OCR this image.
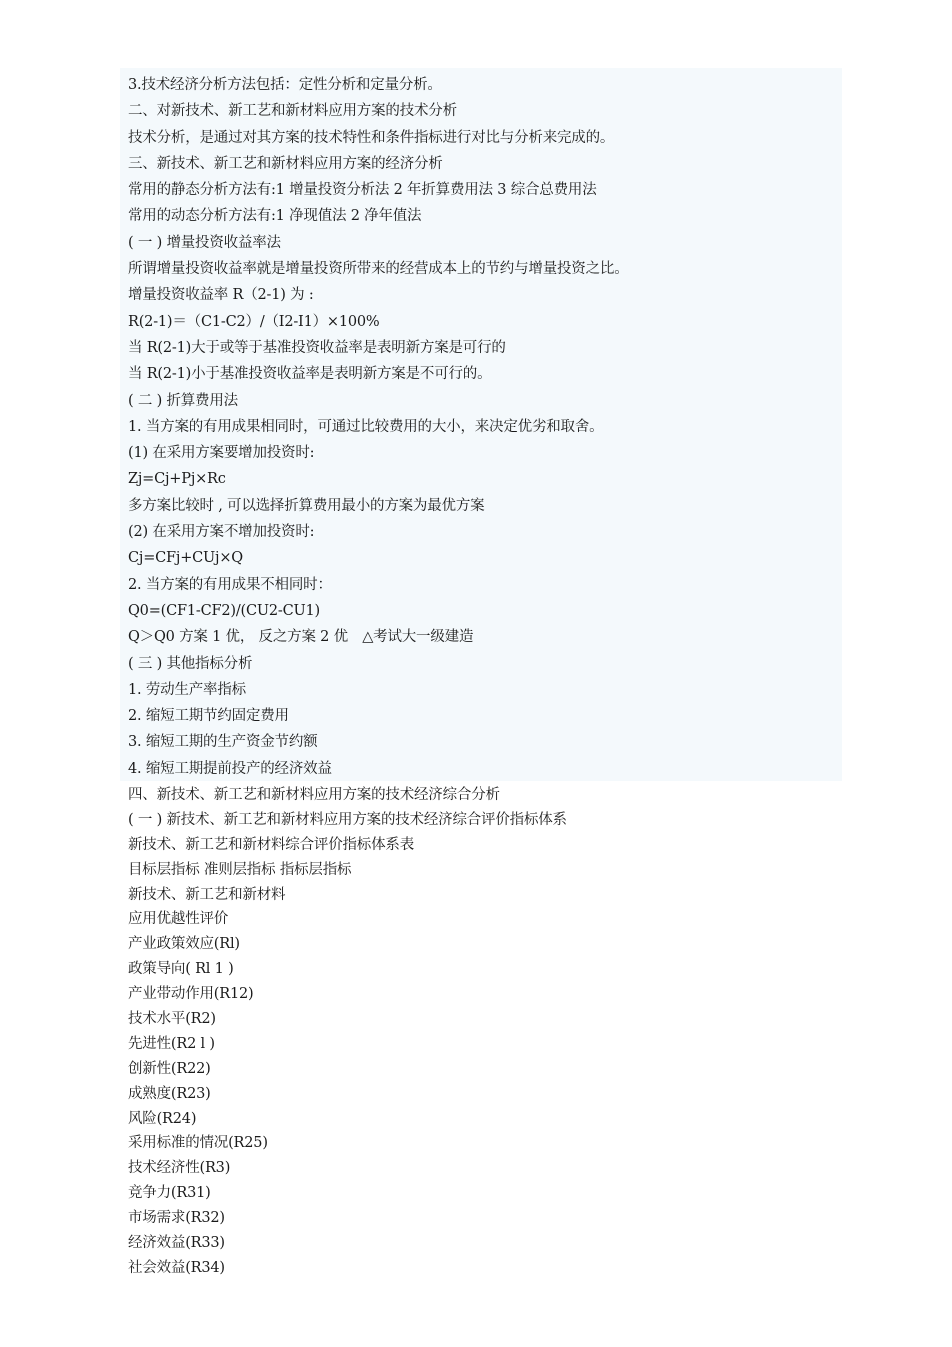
3.技术经济分析方法包括：定性分析和定量分析。
二、对新技术、新工艺和新材料应用方案的技术分析
技术分析，是通过对其方案的技术特性和条件指标进行对比与分析来完成的。
三、新技术、新工艺和新材料应用方案的经济分析
常用的静态分析方法有:1 增量投资分析法 2 年折算费用法 3 综合总费用法
常用的动态分析方法有:1 净现值法 2 净年值法
( 一 ) 增量投资收益率法
所谓增量投资收益率就是增量投资所带来的经营成本上的节约与增量投资之比。
增量投资收益率 R（2-1) 为 :
R(2-1)＝（C1-C2）/（I2-I1）×100%
当 R(2-1)大于或等于基准投资收益率是表明新方案是可行的
当 R(2-1)小于基准投资收益率是表明新方案是不可行的。
( 二 ) 折算费用法
1. 当方案的有用成果相同时，可通过比较费用的大小，来决定优劣和取舍。
(1) 在采用方案要增加投资时:
Zj=Cj+Pj×Rc
多方案比较时 , 可以选择折算费用最小的方案为最优方案
(2) 在采用方案不增加投资时:
Cj=CFj+CUj×Q
2. 当方案的有用成果不相同时：
Q0=(CF1-CF2)/(CU2-CU1)
Q＞Q0 方案 1 优， 反之方案 2 优　△考试大一级建造
( 三 ) 其他指标分析
1. 劳动生产率指标
2. 缩短工期节约固定费用
3. 缩短工期的生产资金节约额
4. 缩短工期提前投产的经济效益
四、新技术、新工艺和新材料应用方案的技术经济综合分析
( 一 ) 新技术、新工艺和新材料应用方案的技术经济综合评价指标体系
新技术、新工艺和新材料综合评价指标体系表
目标层指标 准则层指标 指标层指标
新技术、新工艺和新材料
应用优越性评价
产业政策效应(Rl)
政策导向( Rl 1 )
产业带动作用(R12)
技术水平(R2)
先进性(R2 l )
创新性(R22)
成熟度(R23)
风险(R24)
采用标准的情况(R25)
技术经济性(R3)
竞争力(R31)
市场需求(R32)
经济效益(R33)
社会效益(R34)
